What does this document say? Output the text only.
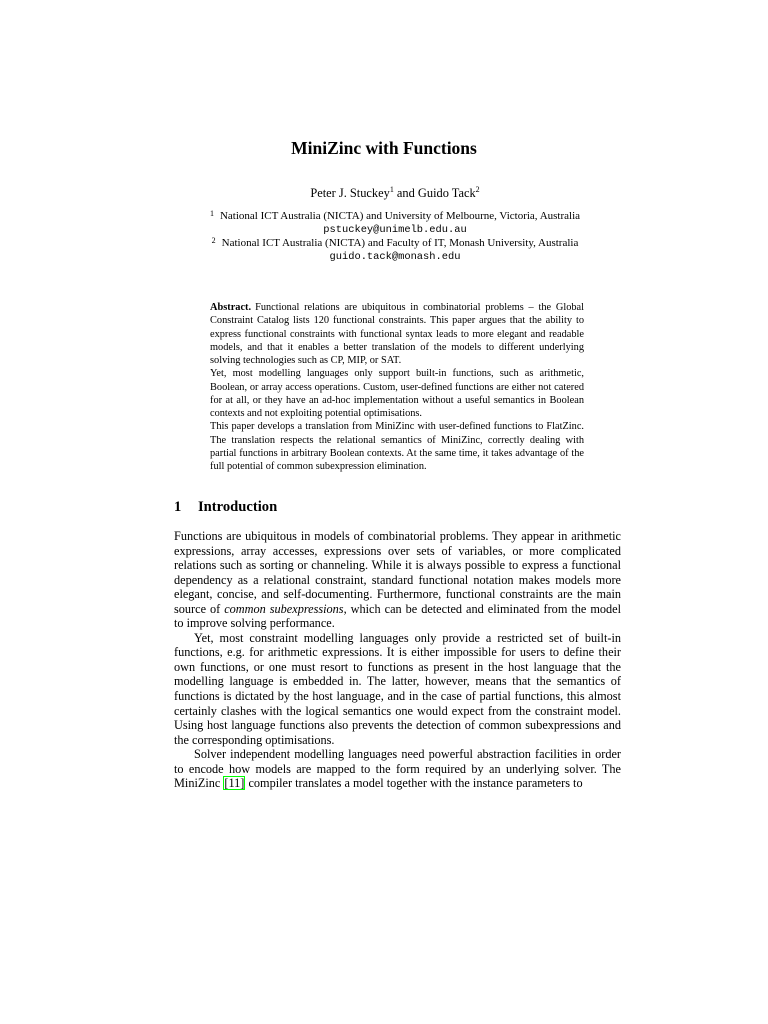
MiniZinc with Functions
Peter J. Stuckey$^1$ and Guido Tack$^2$
$^1$ National ICT Australia (NICTA) and University of Melbourne, Victoria, Australia
pstuckey@unimelb.edu.au
$^2$ National ICT Australia (NICTA) and Faculty of IT, Monash University, Australia
guido.tack@monash.edu

Abstract. Functional relations are ubiquitous in combinatorial problems – the Global Constraint Catalog lists 120 functional constraints. This paper argues that the ability to express functional constraints with functional syntax leads to more elegant and readable models, and that it enables a better translation of the models to different underlying solving technologies such as CP, MIP, or SAT.

Yet, most modelling languages only support built-in functions, such as arithmetic, Boolean, or array access operations. Custom, user-defined functions are either not catered for at all, or they have an ad-hoc implementation without a useful semantics in Boolean contexts and not exploiting potential optimisations.

This paper develops a translation from MiniZinc with user-defined functions to FlatZinc. The translation respects the relational semantics of MiniZinc, correctly dealing with partial functions in arbitrary Boolean contexts. At the same time, it takes advantage of the full potential of common subexpression elimination.

1 Introduction

Functions are ubiquitous in models of combinatorial problems. They appear in arithmetic expressions, array accesses, expressions over sets of variables, or more complicated relations such as sorting or channeling. While it is always possible to express a functional dependency as a relational constraint, standard functional notation makes models more elegant, concise, and self-documenting. Furthermore, functional constraints are the main source of common subexpressions, which can be detected and eliminated from the model to improve solving performance.

Yet, most constraint modelling languages only provide a restricted set of built-in functions, e.g. for arithmetic expressions. It is either impossible for users to define their own functions, or one must resort to functions as present in the host language that the modelling language is embedded in. The latter, however, means that the semantics of functions is dictated by the host language, and in the case of partial functions, this almost certainly clashes with the logical semantics one would expect from the constraint model. Using host language functions also prevents the detection of common subexpressions and the corresponding optimisations.

Solver independent modelling languages need powerful abstraction facilities in order to encode how models are mapped to the form required by an underlying solver. The MiniZinc [11] compiler translates a model together with the instance parameters to
